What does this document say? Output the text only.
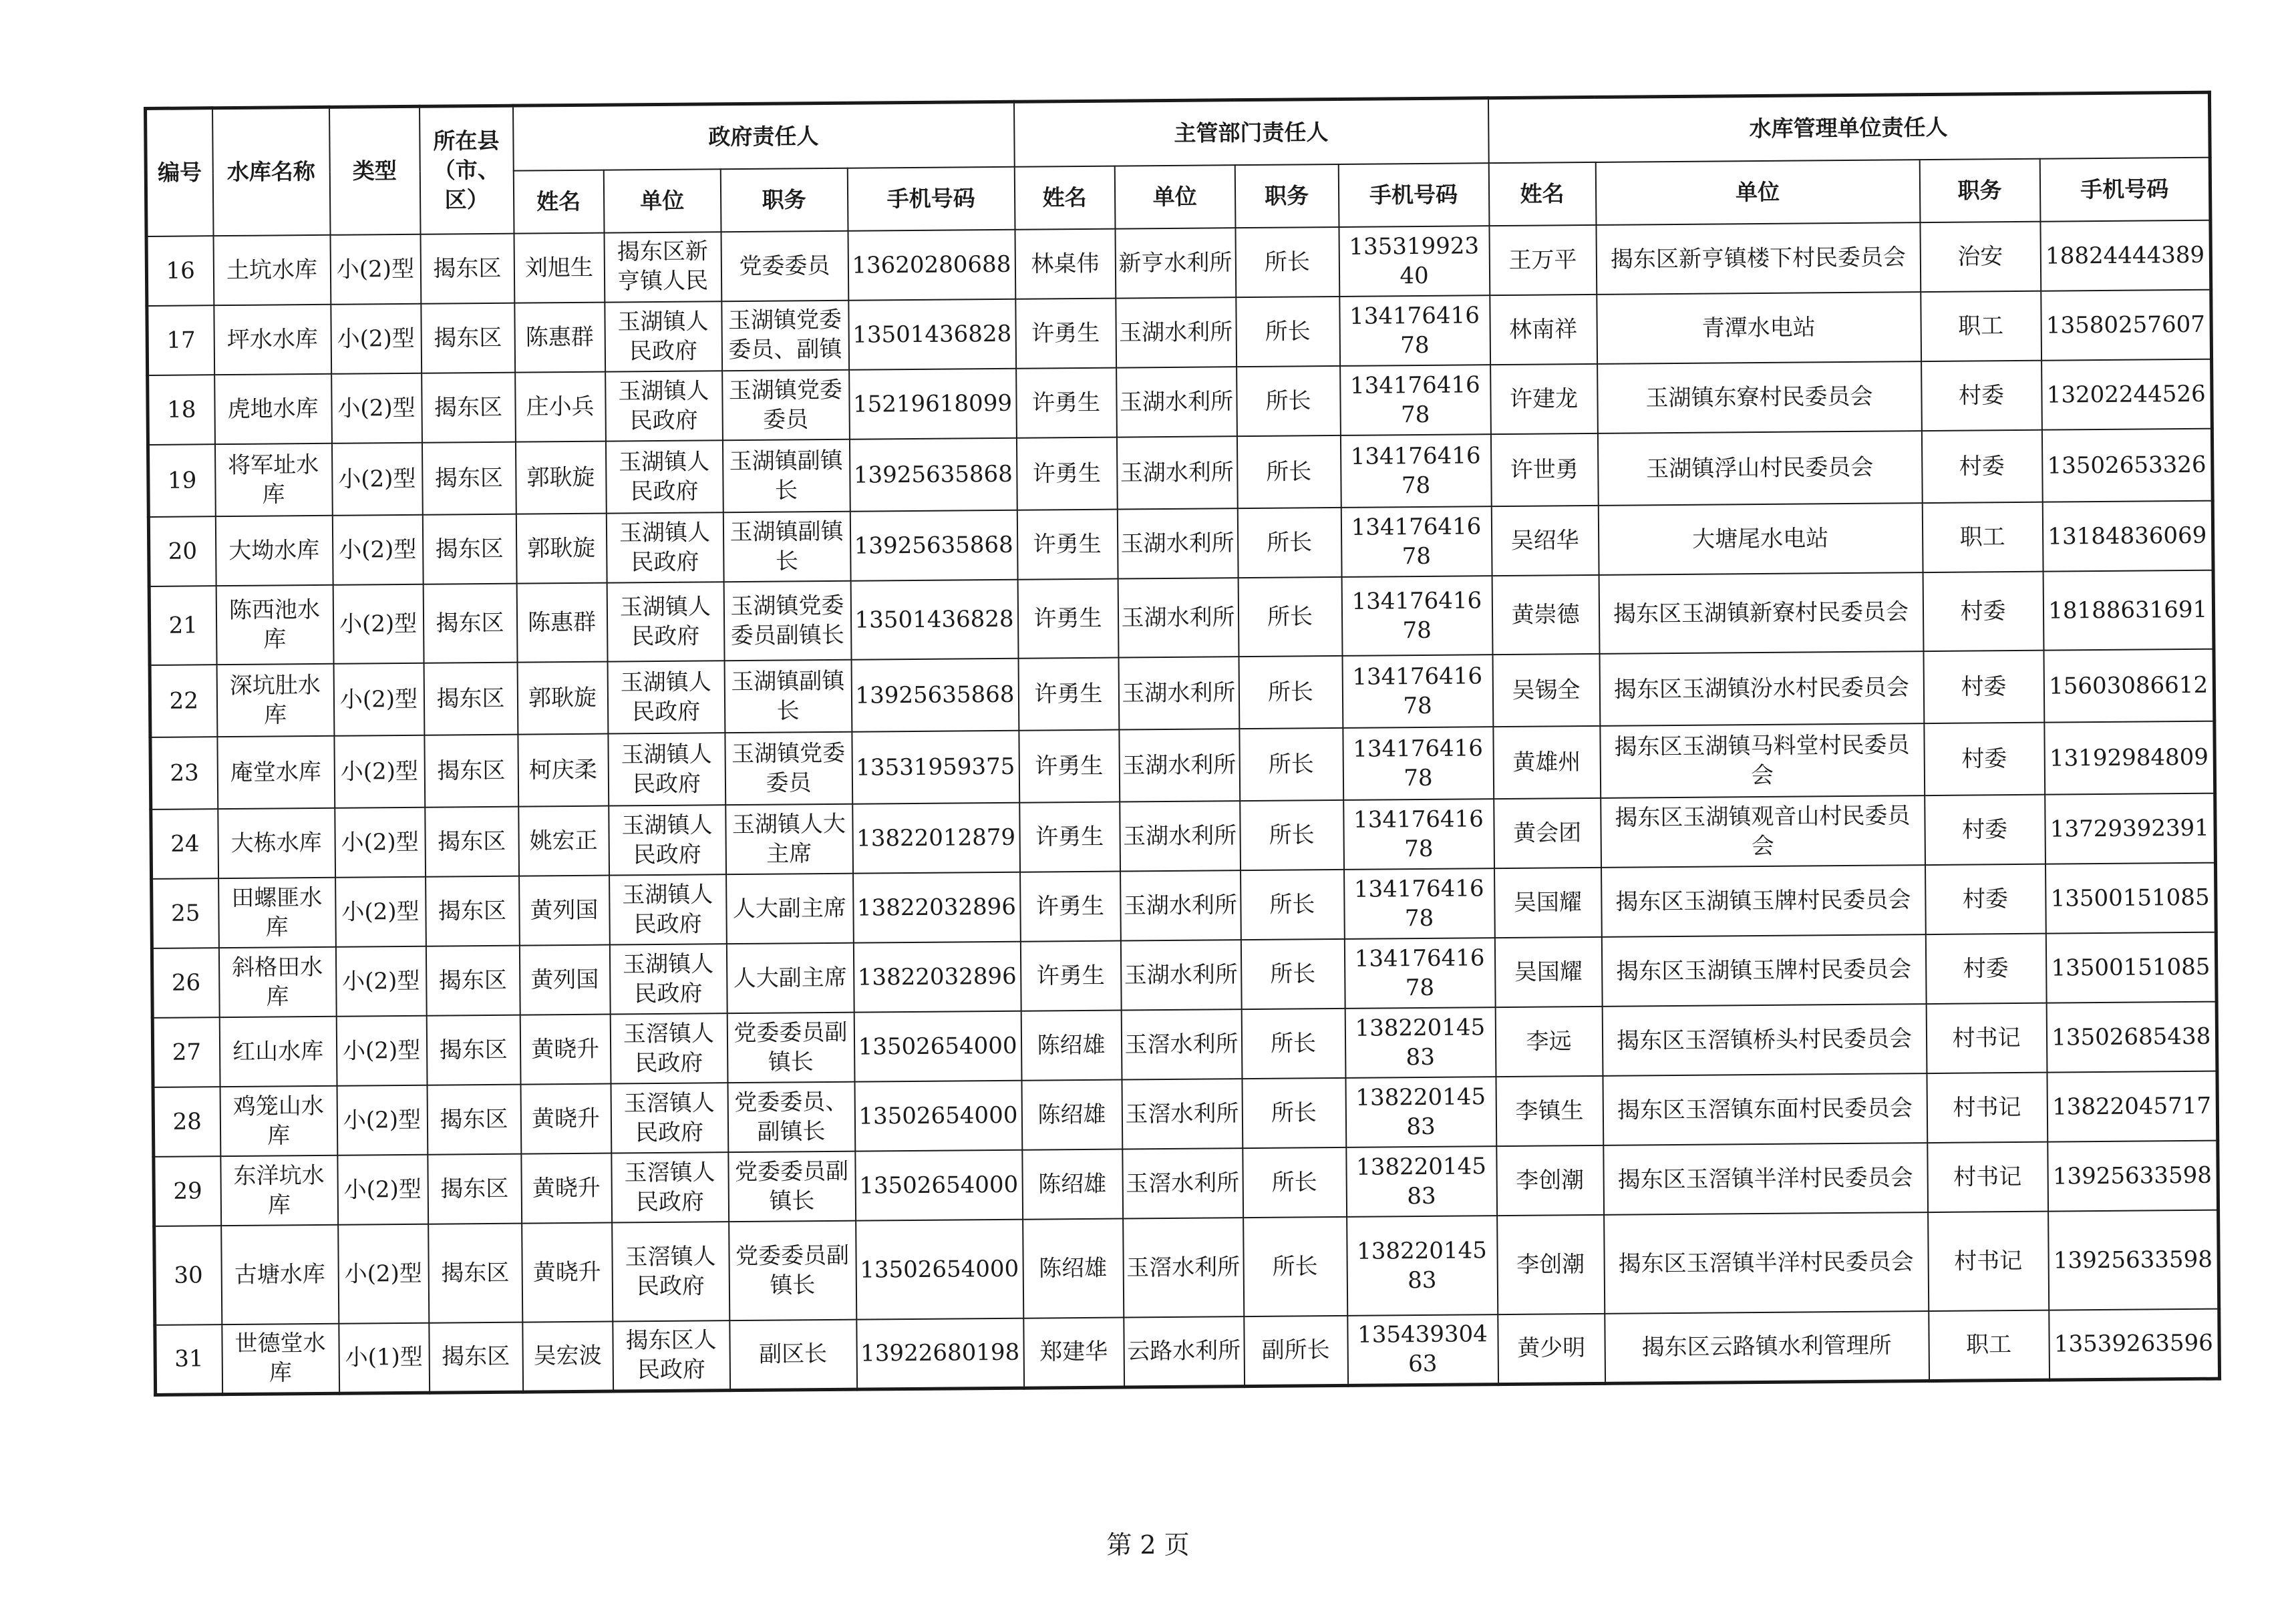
编号	水库名称	类型	所在县（市、区）	政府责任人				主管部门责任人				水库管理单位责任人			
				姓名	单位	职务	手机号码	姓名	单位	职务	手机号码	姓名	单位	职务	手机号码
16	土坑水库	小(2)型	揭东区	刘旭生	揭东区新亨镇人民政府	党委委员	13620280688	林桌伟	新亨水利所	所长	13531992340	王万平	揭东区新亨镇楼下村民委员会	治安	18824444389
17	坪水水库	小(2)型	揭东区	陈惠群	玉湖镇人民政府	玉湖镇党委委员、副镇长	13501436828	许勇生	玉湖水利所	所长	13417641678	林南祥	青潭水电站	职工	13580257607
18	虎地水库	小(2)型	揭东区	庄小兵	玉湖镇人民政府	玉湖镇党委委员	15219618099	许勇生	玉湖水利所	所长	13417641678	许建龙	玉湖镇东寮村民委员会	村委	13202244526
19	将军址水库	小(2)型	揭东区	郭耿旋	玉湖镇人民政府	玉湖镇副镇长	13925635868	许勇生	玉湖水利所	所长	13417641678	许世勇	玉湖镇浮山村民委员会	村委	13502653326
20	大坳水库	小(2)型	揭东区	郭耿旋	玉湖镇人民政府	玉湖镇副镇长	13925635868	许勇生	玉湖水利所	所长	13417641678	吴绍华	大塘尾水电站	职工	13184836069
21	陈西池水库	小(2)型	揭东区	陈惠群	玉湖镇人民政府	玉湖镇党委委员副镇长	13501436828	许勇生	玉湖水利所	所长	13417641678	黄崇德	揭东区玉湖镇新寮村民委员会	村委	18188631691
22	深坑肚水库	小(2)型	揭东区	郭耿旋	玉湖镇人民政府	玉湖镇副镇长	13925635868	许勇生	玉湖水利所	所长	13417641678	吴锡全	揭东区玉湖镇汾水村民委员会	村委	15603086612
23	庵堂水库	小(2)型	揭东区	柯庆柔	玉湖镇人民政府	玉湖镇党委委员	13531959375	许勇生	玉湖水利所	所长	13417641678	黄雄州	揭东区玉湖镇马料堂村民委员会	村委	13192984809
24	大栋水库	小(2)型	揭东区	姚宏正	玉湖镇人民政府	玉湖镇人大主席	13822012879	许勇生	玉湖水利所	所长	13417641678	黄会团	揭东区玉湖镇观音山村民委员会	村委	13729392391
25	田螺匪水库	小(2)型	揭东区	黄列国	玉湖镇人民政府	人大副主席	13822032896	许勇生	玉湖水利所	所长	13417641678	吴国耀	揭东区玉湖镇玉牌村民委员会	村委	13500151085
26	斜格田水库	小(2)型	揭东区	黄列国	玉湖镇人民政府	人大副主席	13822032896	许勇生	玉湖水利所	所长	13417641678	吴国耀	揭东区玉湖镇玉牌村民委员会	村委	13500151085
27	红山水库	小(2)型	揭东区	黄晓升	玉滘镇人民政府	党委委员副镇长	13502654000	陈绍雄	玉滘水利所	所长	13822014583	李远	揭东区玉滘镇桥头村民委员会	村书记	13502685438
28	鸡笼山水库	小(2)型	揭东区	黄晓升	玉滘镇人民政府	党委委员、副镇长	13502654000	陈绍雄	玉滘水利所	所长	13822014583	李镇生	揭东区玉滘镇东面村民委员会	村书记	13822045717
29	东洋坑水库	小(2)型	揭东区	黄晓升	玉滘镇人民政府	党委委员副镇长	13502654000	陈绍雄	玉滘水利所	所长	13822014583	李创潮	揭东区玉滘镇半洋村民委员会	村书记	13925633598
30	古塘水库	小(2)型	揭东区	黄晓升	玉滘镇人民政府	党委委员副镇长	13502654000	陈绍雄	玉滘水利所	所长	13822014583	李创潮	揭东区玉滘镇半洋村民委员会	村书记	13925633598
31	世德堂水库	小(1)型	揭东区	吴宏波	揭东区人民政府	副区长	13922680198	郑建华	云路水利所	副所长	13543930463	黄少明	揭东区云路镇水利管理所	职工	13539263596
第 2 页
